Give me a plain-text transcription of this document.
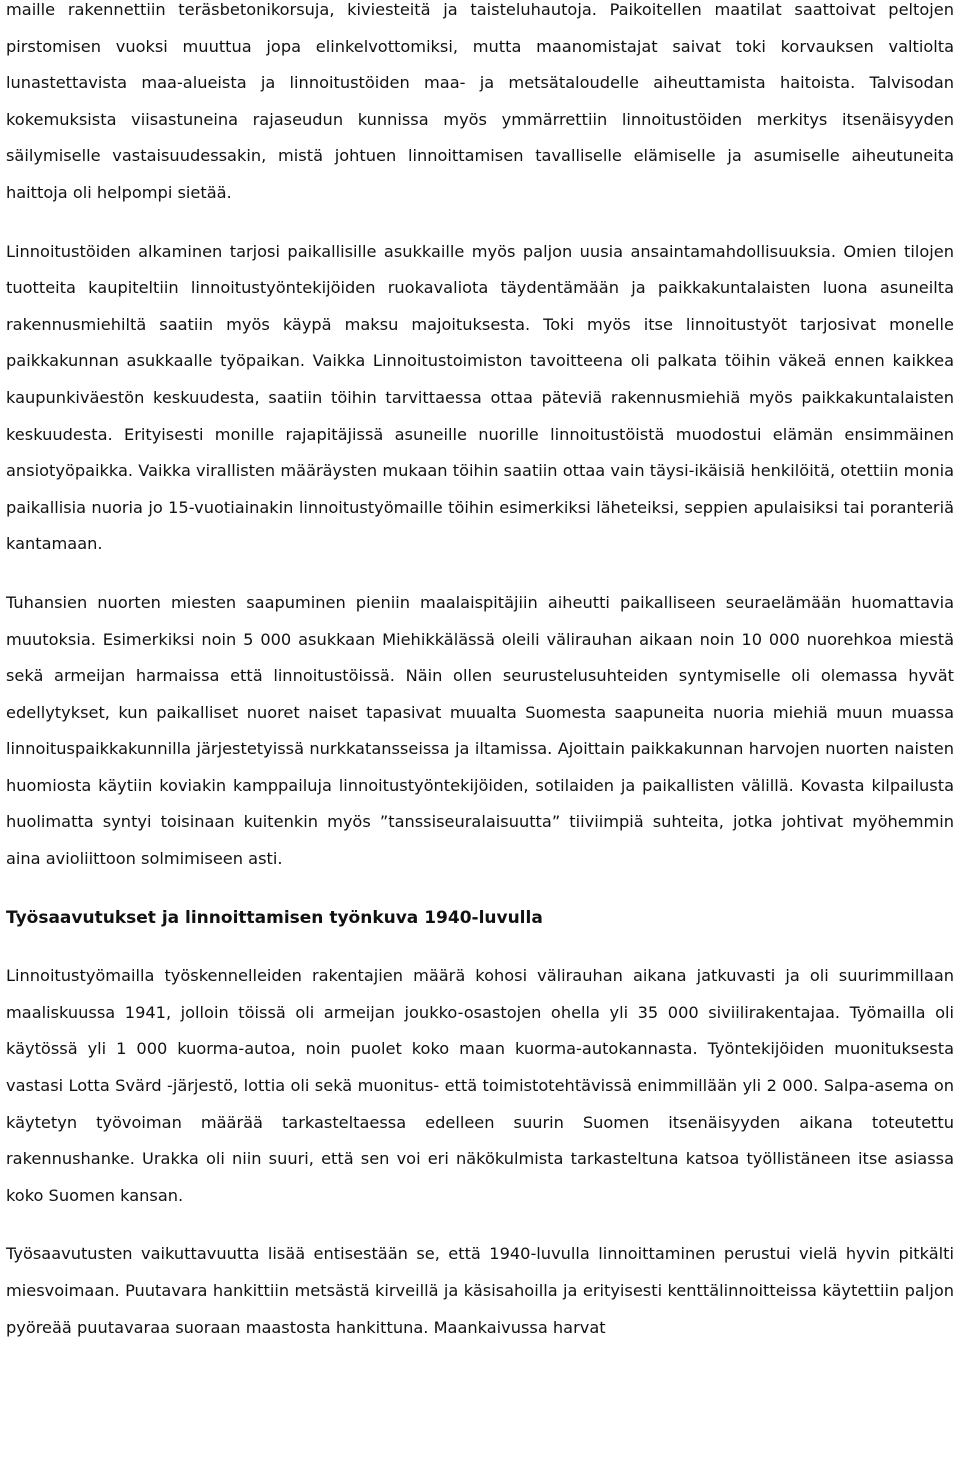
maille rakennettiin teräsbetonikorsuja, kiviesteitä ja taisteluhautoja. Paikoitellen maatilat saattoivat peltojen pirstomisen vuoksi muuttua jopa elinkelvottomiksi, mutta maanomistajat saivat toki korvauksen valtiolta lunastettavista maa-alueista ja linnoitustöiden maa- ja metsätaloudelle aiheuttamista haitoista. Talvisodan kokemuksista viisastuneina rajaseudun kunnissa myös ymmärrettiin linnoitustöiden merkitys itsenäisyyden säilymiselle vastaisuudessakin, mistä johtuen linnoittamisen tavalliselle elämiselle ja asumiselle aiheutuneita haittoja oli helpompi sietää.

Linnoitustöiden alkaminen tarjosi paikallisille asukkaille myös paljon uusia ansaintamahdollisuuksia. Omien tilojen tuotteita kaupiteltiin linnoitustyöntekijöiden ruokavaliota täydentämään ja paikkakuntalaisten luona asuneilta rakennusmiehiltä saatiin myös käypä maksu majoituksesta. Toki myös itse linnoitustyöt tarjosivat monelle paikkakunnan asukkaalle työpaikan. Vaikka Linnoitustoimiston tavoitteena oli palkata töihin väkeä ennen kaikkea kaupunkiväestön keskuudesta, saatiin töihin tarvittaessa ottaa päteviä rakennusmiehiä myös paikkakuntalaisten keskuudesta. Erityisesti monille rajapitäjissä asuneille nuorille linnoitustöistä muodostui elämän ensimmäinen ansiotyöpaikka. Vaikka virallisten määräysten mukaan töihin saatiin ottaa vain täysi-ikäisiä henkilöitä, otettiin monia paikallisia nuoria jo 15-vuotiainakin linnoitustyömaille töihin esimerkiksi läheteiksi, seppien apulaisiksi tai poranteriä kantamaan.

Tuhansien nuorten miesten saapuminen pieniin maalaispitäjiin aiheutti paikalliseen seuraelämään huomattavia muutoksia. Esimerkiksi noin 5 000 asukkaan Miehikkälässä oleili välirauhan aikaan noin 10 000 nuorehkoa miestä sekä armeijan harmaissa että linnoitustöissä. Näin ollen seurustelusuhteiden syntymiselle oli olemassa hyvät edellytykset, kun paikalliset nuoret naiset tapasivat muualta Suomesta saapuneita nuoria miehiä muun muassa linnoituspaikkakunnilla järjestetyissä nurkkatansseissa ja iltamissa. Ajoittain paikkakunnan harvojen nuorten naisten huomiosta käytiin koviakin kamppailuja linnoitustyöntekijöiden, sotilaiden ja paikallisten välillä. Kovasta kilpailusta huolimatta syntyi toisinaan kuitenkin myös ”tanssiseuralaisuutta” tiiviimpiä suhteita, jotka johtivat myöhemmin aina avioliittoon solmimiseen asti.

Työsaavutukset ja linnoittamisen työnkuva 1940-luvulla

Linnoitustyömailla työskennelleiden rakentajien määrä kohosi välirauhan aikana jatkuvasti ja oli suurimmillaan maaliskuussa 1941, jolloin töissä oli armeijan joukko-osastojen ohella yli 35 000 siviilirakentajaa. Työmailla oli käytössä yli 1 000 kuorma-autoa, noin puolet koko maan kuorma-autokannasta. Työntekijöiden muonituksesta vastasi Lotta Svärd -järjestö, lottia oli sekä muonitus- että toimistotehtävissä enimmillään yli 2 000. Salpa-asema on käytetyn työvoiman määrää tarkasteltaessa edelleen suurin Suomen itsenäisyyden aikana toteutettu rakennushanke. Urakka oli niin suuri, että sen voi eri näkökulmista tarkasteltuna katsoa työllistäneen itse asiassa koko Suomen kansan.

Työsaavutusten vaikuttavuutta lisää entisestään se, että 1940-luvulla linnoittaminen perustui vielä hyvin pitkälti miesvoimaan. Puutavara hankittiin metsästä kirveillä ja käsisahoilla ja erityisesti kenttälinnoitteissa käytettiin paljon pyöreää puutavaraa suoraan maastosta hankittuna. Maankaivussa harvat
